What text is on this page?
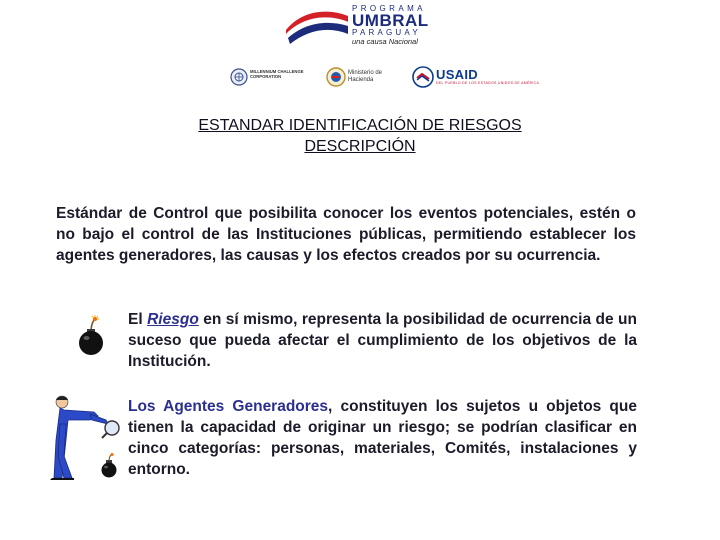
PROGRAMA
UMBRAL
PARAGUAY
una causa Nacional
MILLENNIUM CHALLENGE CORPORATION
Ministerio de Hacienda	USAID
DEL PUEBLO DE LOS ESTADOS UNIDOS DE AMÉRICA
ESTANDAR IDENTIFICACIÓN DE RIESGOS
DESCRIPCIÓN
Estándar de Control que posibilita conocer los eventos potenciales, estén o no bajo el control de las Instituciones públicas, permitiendo establecer los agentes generadores, las causas y los efectos creados por su ocurrencia.
El Riesgo en sí mismo, representa la posibilidad de ocurrencia de un suceso que pueda afectar el cumplimiento de los objetivos de la Institución.
Los Agentes Generadores, constituyen los sujetos u objetos que tienen la capacidad de originar un riesgo; se podrían clasificar en cinco categorías: personas, materiales, Comités, instalaciones y entorno.
